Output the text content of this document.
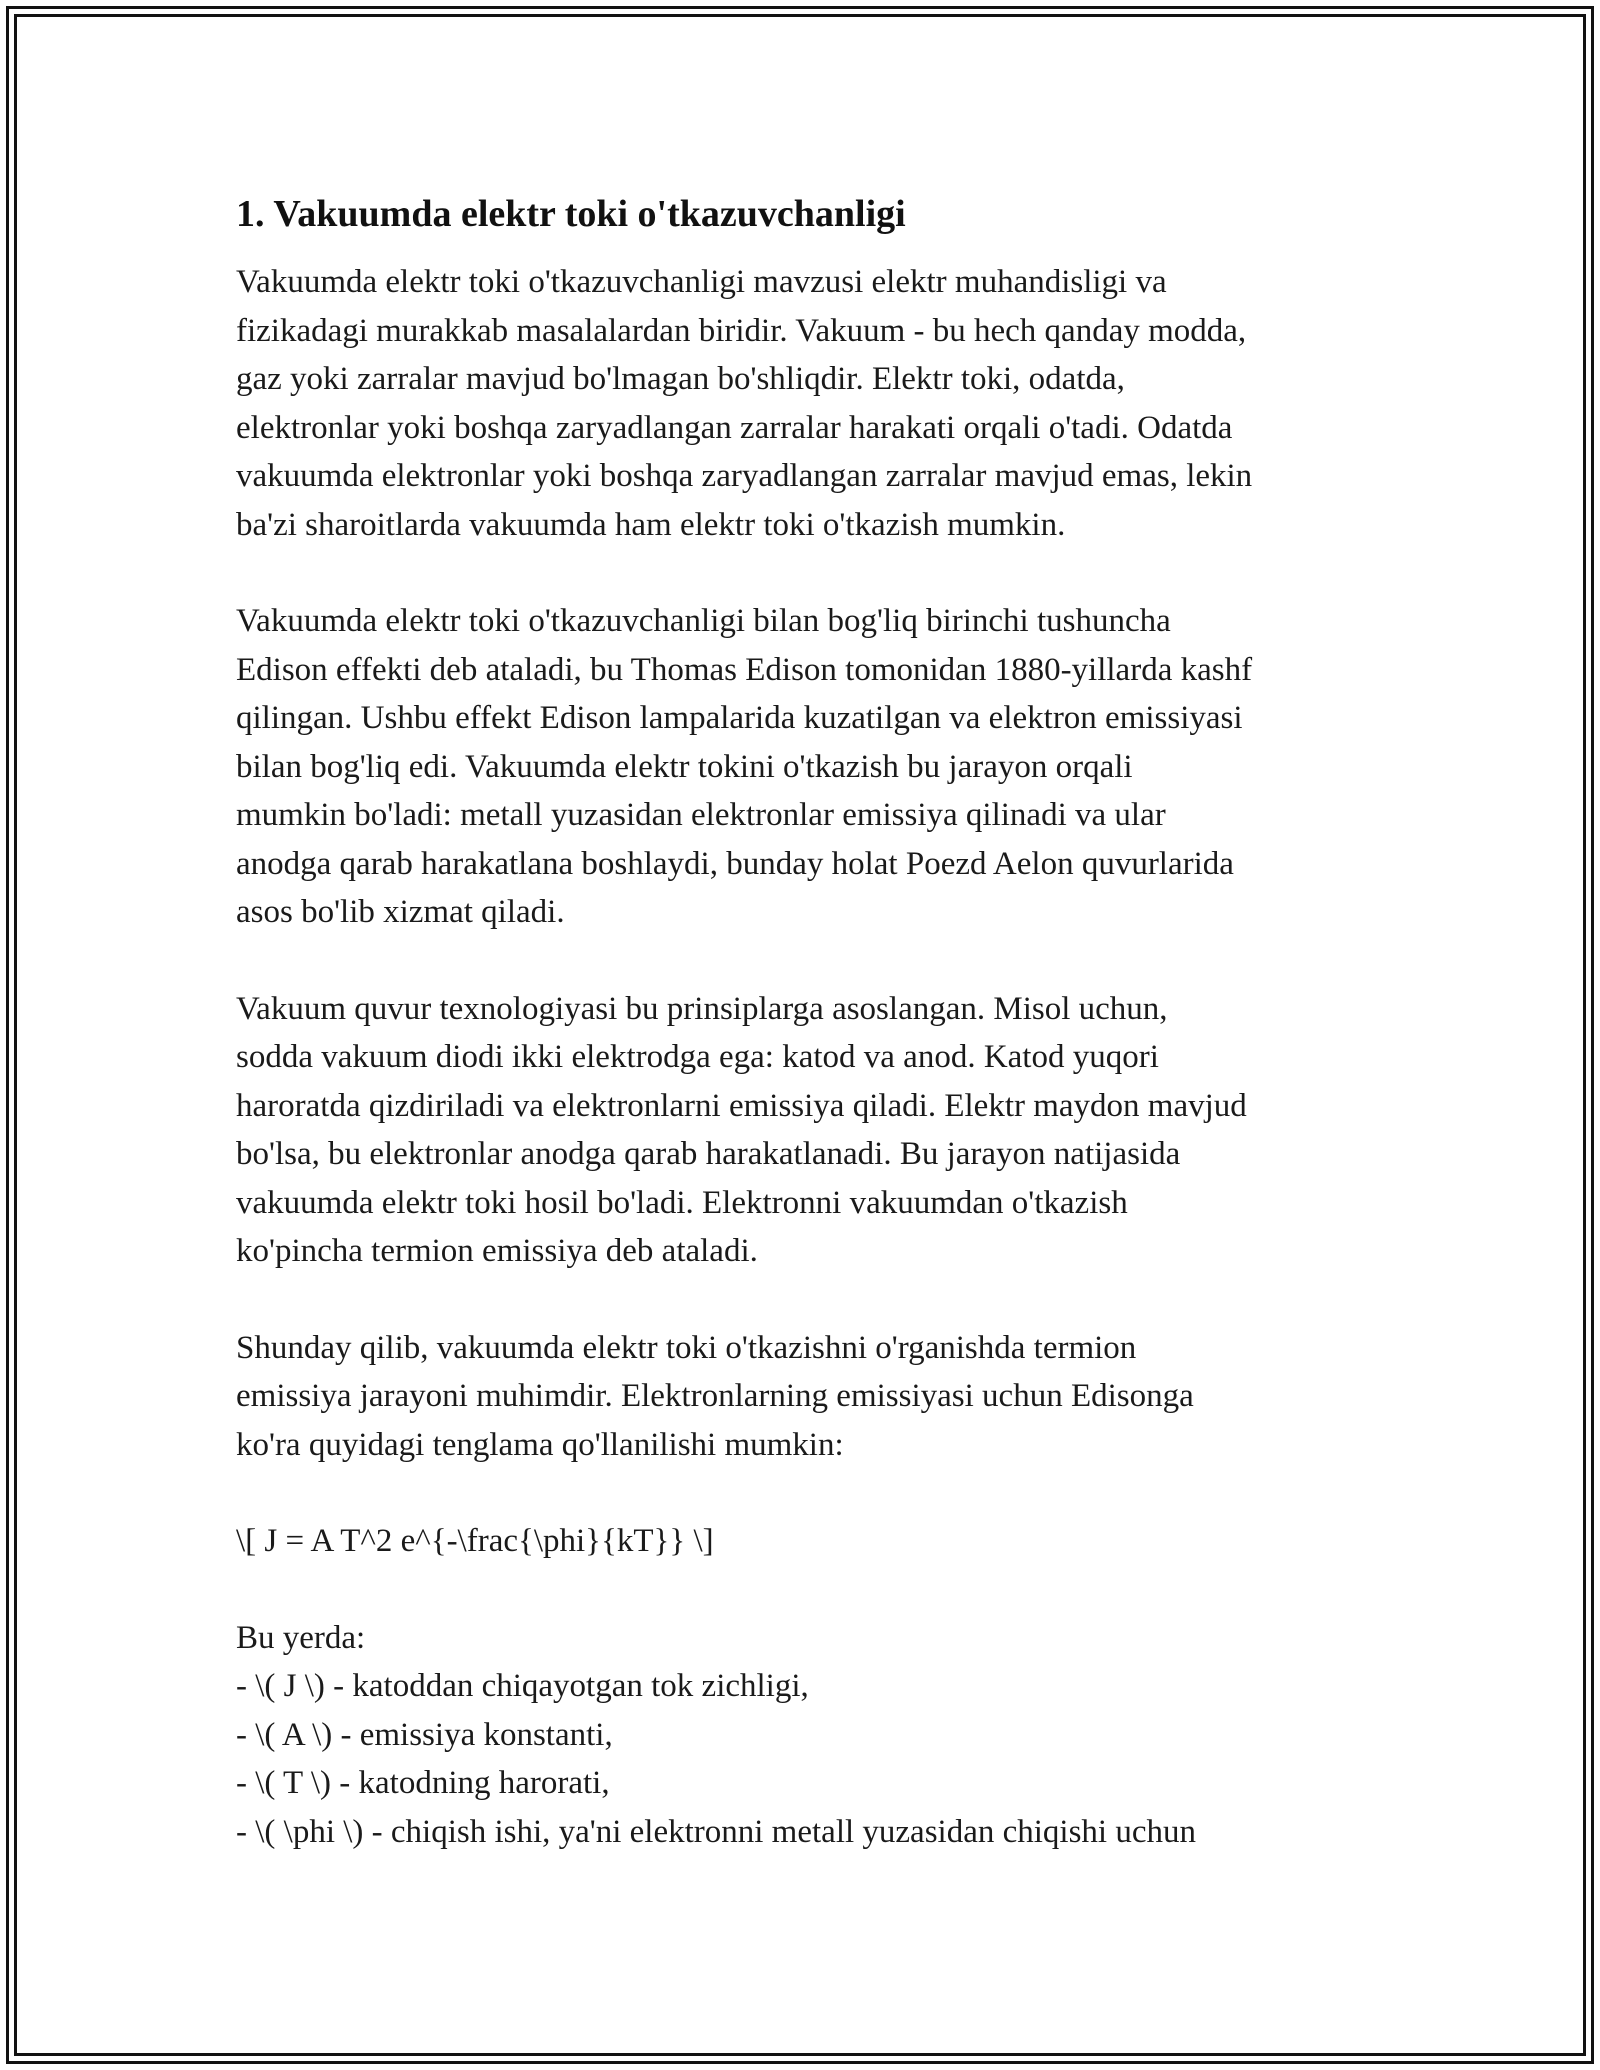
1. Vakuumda elektr toki o'tkazuvchanligi

Vakuumda elektr toki o'tkazuvchanligi mavzusi elektr muhandisligi va
fizikadagi murakkab masalalardan biridir. Vakuum - bu hech qanday modda,
gaz yoki zarralar mavjud bo'lmagan bo'shliqdir. Elektr toki, odatda,
elektronlar yoki boshqa zaryadlangan zarralar harakati orqali o'tadi. Odatda
vakuumda elektronlar yoki boshqa zaryadlangan zarralar mavjud emas, lekin
ba'zi sharoitlarda vakuumda ham elektr toki o'tkazish mumkin.

Vakuumda elektr toki o'tkazuvchanligi bilan bog'liq birinchi tushuncha
Edison effekti deb ataladi, bu Thomas Edison tomonidan 1880-yillarda kashf
qilingan. Ushbu effekt Edison lampalarida kuzatilgan va elektron emissiyasi
bilan bog'liq edi. Vakuumda elektr tokini o'tkazish bu jarayon orqali
mumkin bo'ladi: metall yuzasidan elektronlar emissiya qilinadi va ular
anodga qarab harakatlana boshlaydi, bunday holat Poezd Aelon quvurlarida
asos bo'lib xizmat qiladi.

Vakuum quvur texnologiyasi bu prinsiplarga asoslangan. Misol uchun,
sodda vakuum diodi ikki elektrodga ega: katod va anod. Katod yuqori
haroratda qizdiriladi va elektronlarni emissiya qiladi. Elektr maydon mavjud
bo'lsa, bu elektronlar anodga qarab harakatlanadi. Bu jarayon natijasida
vakuumda elektr toki hosil bo'ladi. Elektronni vakuumdan o'tkazish
ko'pincha termion emissiya deb ataladi.

Shunday qilib, vakuumda elektr toki o'tkazishni o'rganishda termion
emissiya jarayoni muhimdir. Elektronlarning emissiyasi uchun Edisonga
ko'ra quyidagi tenglama qo'llanilishi mumkin:

\[ J = A T^2 e^{-\frac{\phi}{kT}} \]

Bu yerda:

- \( J \) - katoddan chiqayotgan tok zichligi,
- \( A \) - emissiya konstanti,
- \( T \) - katodning harorati,
- \( \phi \) - chiqish ishi, ya'ni elektronni metall yuzasidan chiqishi uchun
